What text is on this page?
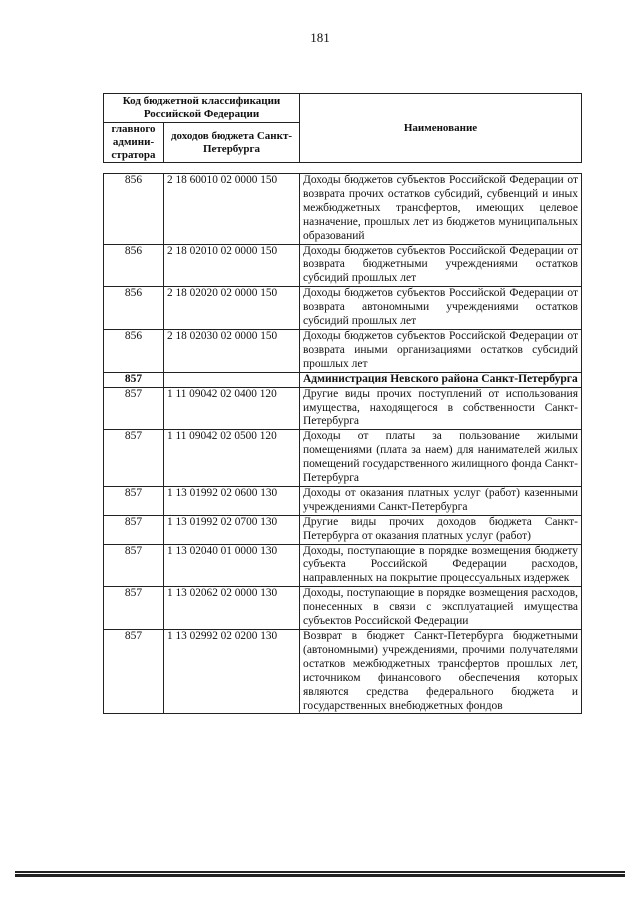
181
Код бюджетной классификации Российской Федерации		Наименование
главного админи-стратора	доходов бюджета Санкт-Петербурга	
856	2 18 60010 02 0000 150	Доходы бюджетов субъектов Российской Федерации от возврата прочих остатков субсидий, субвенций и иных межбюджетных трансфертов, имеющих целевое назначение, прошлых лет из бюджетов муниципальных образований
856	2 18 02010 02 0000 150	Доходы бюджетов субъектов Российской Федерации от возврата бюджетными учреждениями остатков субсидий прошлых лет
856	2 18 02020 02 0000 150	Доходы бюджетов субъектов Российской Федерации от возврата автономными учреждениями остатков субсидий прошлых лет
856	2 18 02030 02 0000 150	Доходы бюджетов субъектов Российской Федерации от возврата иными организациями остатков субсидий прошлых лет
857		Администрация Невского района Санкт-Петербурга
857	1 11 09042 02 0400 120	Другие виды прочих поступлений от использования имущества, находящегося в собственности Санкт-Петербурга
857	1 11 09042 02 0500 120	Доходы от платы за пользование жилыми помещениями (плата за наем) для нанимателей жилых помещений государственного жилищного фонда Санкт-Петербурга
857	1 13 01992 02 0600 130	Доходы от оказания платных услуг (работ) казенными учреждениями Санкт-Петербурга
857	1 13 01992 02 0700 130	Другие виды прочих доходов бюджета Санкт-Петербурга от оказания платных услуг (работ)
857	1 13 02040 01 0000 130	Доходы, поступающие в порядке возмещения бюджету субъекта Российской Федерации расходов, направленных на покрытие процессуальных издержек
857	1 13 02062 02 0000 130	Доходы, поступающие в порядке возмещения расходов, понесенных в связи с эксплуатацией имущества субъектов Российской Федерации
857	1 13 02992 02 0200 130	Возврат в бюджет Санкт-Петербурга бюджетными (автономными) учреждениями, прочими получателями остатков межбюджетных трансфертов прошлых лет, источником финансового обеспечения которых являются средства федерального бюджета и государственных внебюджетных фондов
